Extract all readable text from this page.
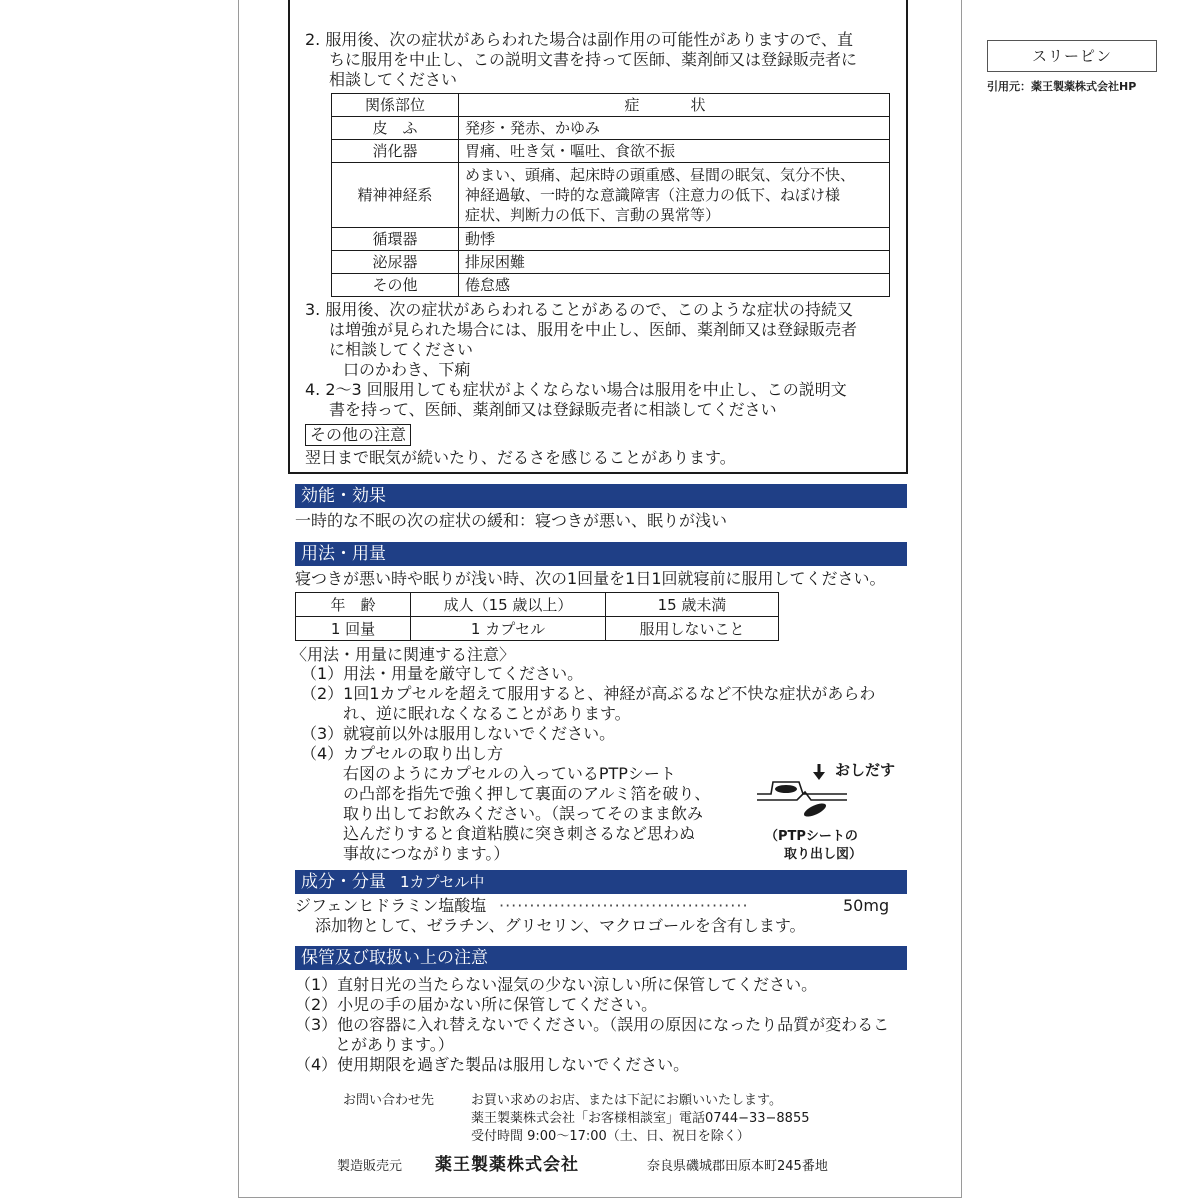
スリーピン
引用元：薬王製薬株式会社HP
2. 服用後、次の症状があらわれた場合は副作用の可能性がありますので、直
ちに服用を中止し、この説明文書を持って医師、薬剤師又は登録販売者に
相談してください
関係部位	症　状
皮　ふ	発疹・発赤、かゆみ
消化器	胃痛、吐き気・嘔吐、食欲不振
精神神経系	めまい、頭痛、起床時の頭重感、昼間の眠気、気分不快、
神経過敏、一時的な意識障害（注意力の低下、ねぼけ様
症状、判断力の低下、言動の異常等）

循環器	動悸
泌尿器	排尿困難
その他	倦怠感
3. 服用後、次の症状があらわれることがあるので、このような症状の持続又
は増強が見られた場合には、服用を中止し、医師、薬剤師又は登録販売者
に相談してください
口のかわき、下痢
4. 2〜3 回服用しても症状がよくならない場合は服用を中止し、この説明文
書を持って、医師、薬剤師又は登録販売者に相談してください
その他の注意
翌日まで眠気が続いたり、だるさを感じることがあります。
効能・効果
一時的な不眠の次の症状の緩和：寝つきが悪い、眠りが浅い
用法・用量
寝つきが悪い時や眠りが浅い時、次の1回量を1日1回就寝前に服用してください。
年　齢	成人（15 歳以上）	15 歳未満
1 回量	1 カプセル	服用しないこと
〈用法・用量に関連する注意〉
（1）用法・用量を厳守してください。
（2）1回1カプセルを超えて服用すると、神経が高ぶるなど不快な症状があらわ
れ、逆に眠れなくなることがあります。
（3）就寝前以外は服用しないでください。
（4）カプセルの取り出し方
右図のようにカプセルの入っているPTPシート
の凸部を指先で強く押して裏面のアルミ箔を破り、
取り出してお飲みください。（誤ってそのまま飲み
込んだりすると食道粘膜に突き刺さるなど思わぬ
事故につながります。）
おしだす
（PTPシートの
取り出し図）
成分・分量 1カプセル中
ジフェンヒドラミン塩酸塩 ·········································	50mg
添加物として、ゼラチン、グリセリン、マクロゴールを含有します。
保管及び取扱い上の注意
（1）直射日光の当たらない湿気の少ない涼しい所に保管してください。
（2）小児の手の届かない所に保管してください。
（3）他の容器に入れ替えないでください。（誤用の原因になったり品質が変わるこ
とがあります。）
（4）使用期限を過ぎた製品は服用しないでください。
お問い合わせ先	お買い求めのお店、または下記にお願いいたします。
薬王製薬株式会社「お客様相談室」電話0744−33−8855
受付時間 9:00〜17:00（土、日、祝日を除く）
製造販売元 薬王製薬株式会社	奈良県磯城郡田原本町245番地
